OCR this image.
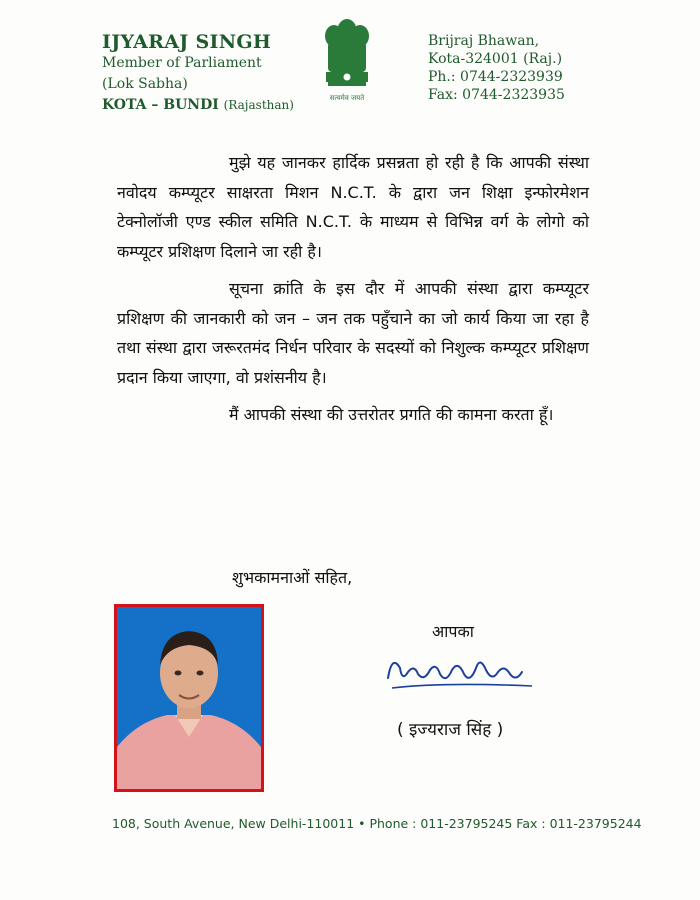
IJYARAJ SINGH
Member of Parliament
(Lok Sabha)
KOTA – BUNDI (Rajasthan)	सत्यमेव जयते
Brijraj Bhawan,
Kota-324001 (Raj.)
Ph.: 0744-2323939
Fax: 0744-2323935

मुझे यह जानकर हार्दिक प्रसन्नता हो रही है कि आपकी संस्था नवोदय कम्प्यूटर साक्षरता मिशन N.C.T. के द्वारा जन शिक्षा इन्फोरमेशन टेक्नोलॉजी एण्ड स्कील समिति N.C.T. के माध्यम से विभिन्न वर्ग के लोगो को कम्प्यूटर प्रशिक्षण दिलाने जा रही है।

सूचना क्रांति के इस दौर में आपकी संस्था द्वारा कम्प्यूटर प्रशिक्षण की जानकारी को जन – जन तक पहुँचाने का जो कार्य किया जा रहा है तथा संस्था द्वारा जरूरतमंद निर्धन परिवार के सदस्यों को निशुल्क कम्प्यूटर प्रशिक्षण प्रदान किया जाएगा, वो प्रशंसनीय है।

मैं आपकी संस्था की उत्तरोतर प्रगति की कामना करता हूँ।

शुभकामनाओं सहित,
आपका
( इज्यराज सिंह )
108, South Avenue, New Delhi-110011 • Phone : 011-23795245 Fax : 011-23795244
